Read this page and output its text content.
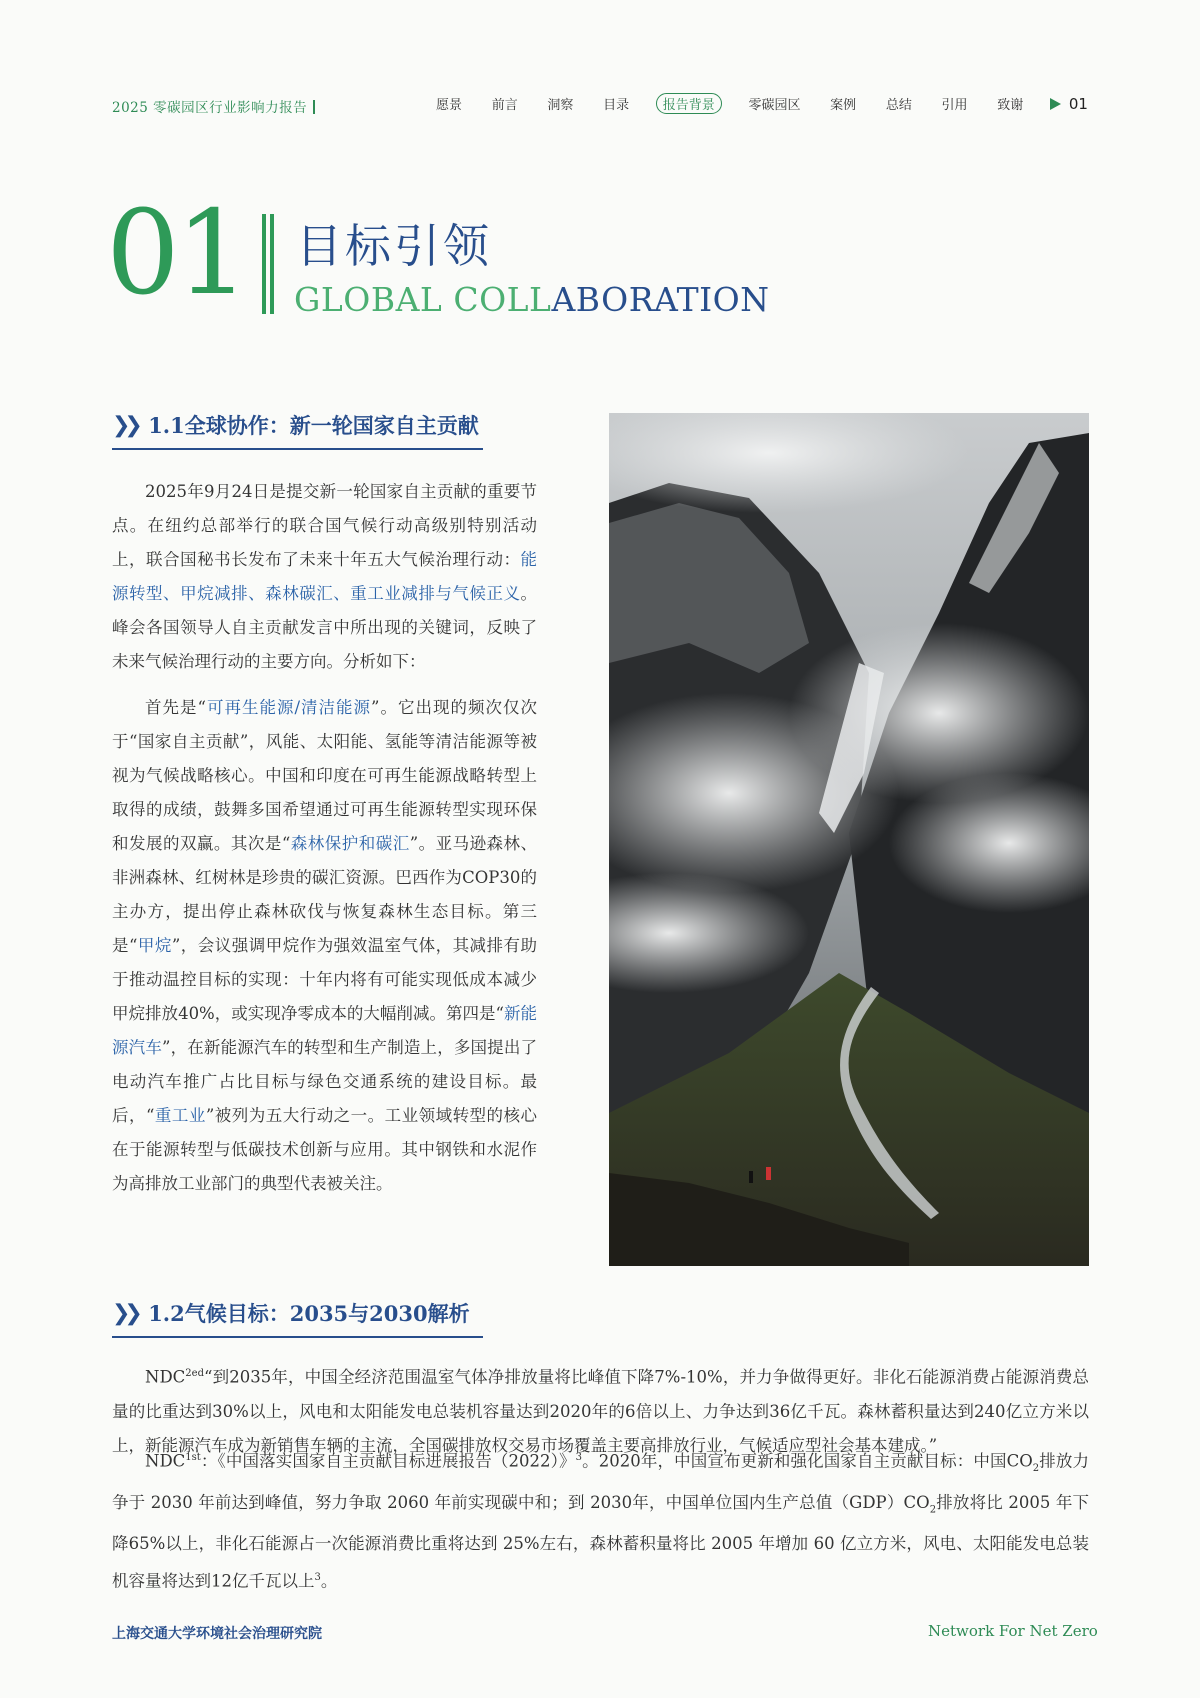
2025 零碳园区行业影响力报告	愿景 前言 洞察 目录	报告背景	零碳园区 案例 总结 引用 致谢	01
01 目标引领
GLOBAL COLLABORATION
❯❯
1.1全球协作：新一轮国家自主贡献

2025年9月24日是提交新一轮国家自主贡献的重要节点。在纽约总部举行的联合国气候行动高级别特别活动上，联合国秘书长发布了未来十年五大气候治理行动：能源转型、甲烷减排、森林碳汇、重工业减排与气候正义。峰会各国领导人自主贡献发言中所出现的关键词，反映了未来气候治理行动的主要方向。分析如下：

首先是“可再生能源/清洁能源”。它出现的频次仅次于“国家自主贡献”，风能、太阳能、氢能等清洁能源等被视为气候战略核心。中国和印度在可再生能源战略转型上取得的成绩，鼓舞多国希望通过可再生能源转型实现环保和发展的双赢。其次是“森林保护和碳汇”。亚马逊森林、非洲森林、红树林是珍贵的碳汇资源。巴西作为COP30的主办方，提出停止森林砍伐与恢复森林生态目标。第三是“甲烷”，会议强调甲烷作为强效温室气体，其减排有助于推动温控目标的实现：十年内将有可能实现低成本减少甲烷排放40%，或实现净零成本的大幅削减。第四是“新能源汽车”，在新能源汽车的转型和生产制造上，多国提出了电动汽车推广占比目标与绿色交通系统的建设目标。最后，“重工业”被列为五大行动之一。工业领域转型的核心在于能源转型与低碳技术创新与应用。其中钢铁和水泥作为高排放工业部门的典型代表被关注。

❯❯
1.2气候目标：2035与2030解析

$NDC^{2ed}“$到2035年，中国全经济范围温室气体净排放量将比峰值下降7%-10%，并力争做得更好。非化石能源消费占能源消费总量的比重达到30%以上，风电和太阳能发电总装机容量达到2020年的6倍以上、力争达到36亿千瓦。森林蓄积量达到240亿立方米以上，新能源汽车成为新销售车辆的主流，全国碳排放权交易市场覆盖主要高排放行业，气候适应型社会基本建成。”

$NDC^{1st}$：《中国落实国家自主贡献目标进展报告（2022）》$^3$。2020年，中国宣布更新和强化国家自主贡献目标：中国$CO_2$排放力争于 2030 年前达到峰值，努力争取 2060 年前实现碳中和；到 2030年，中国单位国内生产总值$(GDP)CO_2$排放将比 2005 年下降65%以上，非化石能源占一次能源消费比重将达到 25%左右，森林蓄积量将比 2005 年增加 60 亿立方米，风电、太阳能发电总装机容量将达到12亿千瓦以上$^3$。

上海交通大学环境社会治理研究院	Network For Net Zero
